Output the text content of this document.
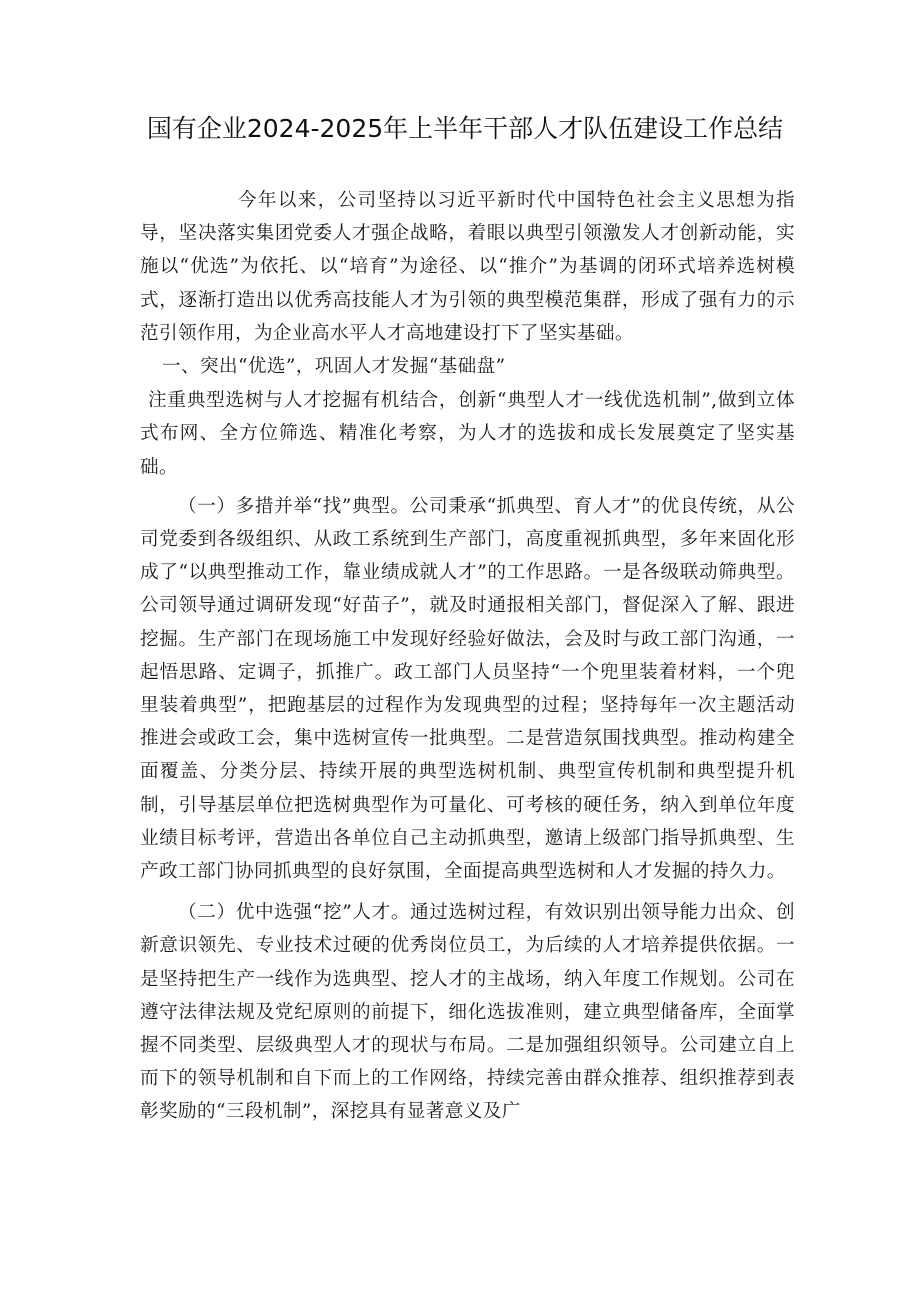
国有企业2024-2025年上半年干部人才队伍建设工作总结

今年以来，公司坚持以习近平新时代中国特色社会主义思想为指导，坚决落实集团党委人才强企战略，着眼以典型引领激发人才创新动能，实施以“优选”为依托、以“培育”为途径、以“推介”为基调的闭环式培养选树模式，逐渐打造出以优秀高技能人才为引领的典型模范集群，形成了强有力的示范引领作用，为企业高水平人才高地建设打下了坚实基础。

一、突出“优选”，巩固人才发掘“基础盘”

注重典型选树与人才挖掘有机结合，创新“典型人才一线优选机制”,做到立体式布网、全方位筛选、精准化考察，为人才的选拔和成长发展奠定了坚实基础。

（一）多措并举“找”典型。公司秉承“抓典型、育人才”的优良传统，从公司党委到各级组织、从政工系统到生产部门，高度重视抓典型，多年来固化形成了“以典型推动工作，靠业绩成就人才”的工作思路。一是各级联动筛典型。公司领导通过调研发现“好苗子”，就及时通报相关部门，督促深入了解、跟进挖掘。生产部门在现场施工中发现好经验好做法，会及时与政工部门沟通，一起悟思路、定调子，抓推广。政工部门人员坚持“一个兜里装着材料，一个兜里装着典型”，把跑基层的过程作为发现典型的过程；坚持每年一次主题活动推进会或政工会，集中选树宣传一批典型。二是营造氛围找典型。推动构建全面覆盖、分类分层、持续开展的典型选树机制、典型宣传机制和典型提升机制，引导基层单位把选树典型作为可量化、可考核的硬任务，纳入到单位年度业绩目标考评，营造出各单位自己主动抓典型，邀请上级部门指导抓典型、生产政工部门协同抓典型的良好氛围，全面提高典型选树和人才发掘的持久力。

（二）优中选强“挖”人才。通过选树过程，有效识别出领导能力出众、创新意识领先、专业技术过硬的优秀岗位员工，为后续的人才培养提供依据。一是坚持把生产一线作为选典型、挖人才的主战场，纳入年度工作规划。公司在遵守法律法规及党纪原则的前提下，细化选拔准则，建立典型储备库，全面掌握不同类型、层级典型人才的现状与布局。二是加强组织领导。公司建立自上而下的领导机制和自下而上的工作网络，持续完善由群众推荐、组织推荐到表彰奖励的“三段机制”，深挖具有显著意义及广
